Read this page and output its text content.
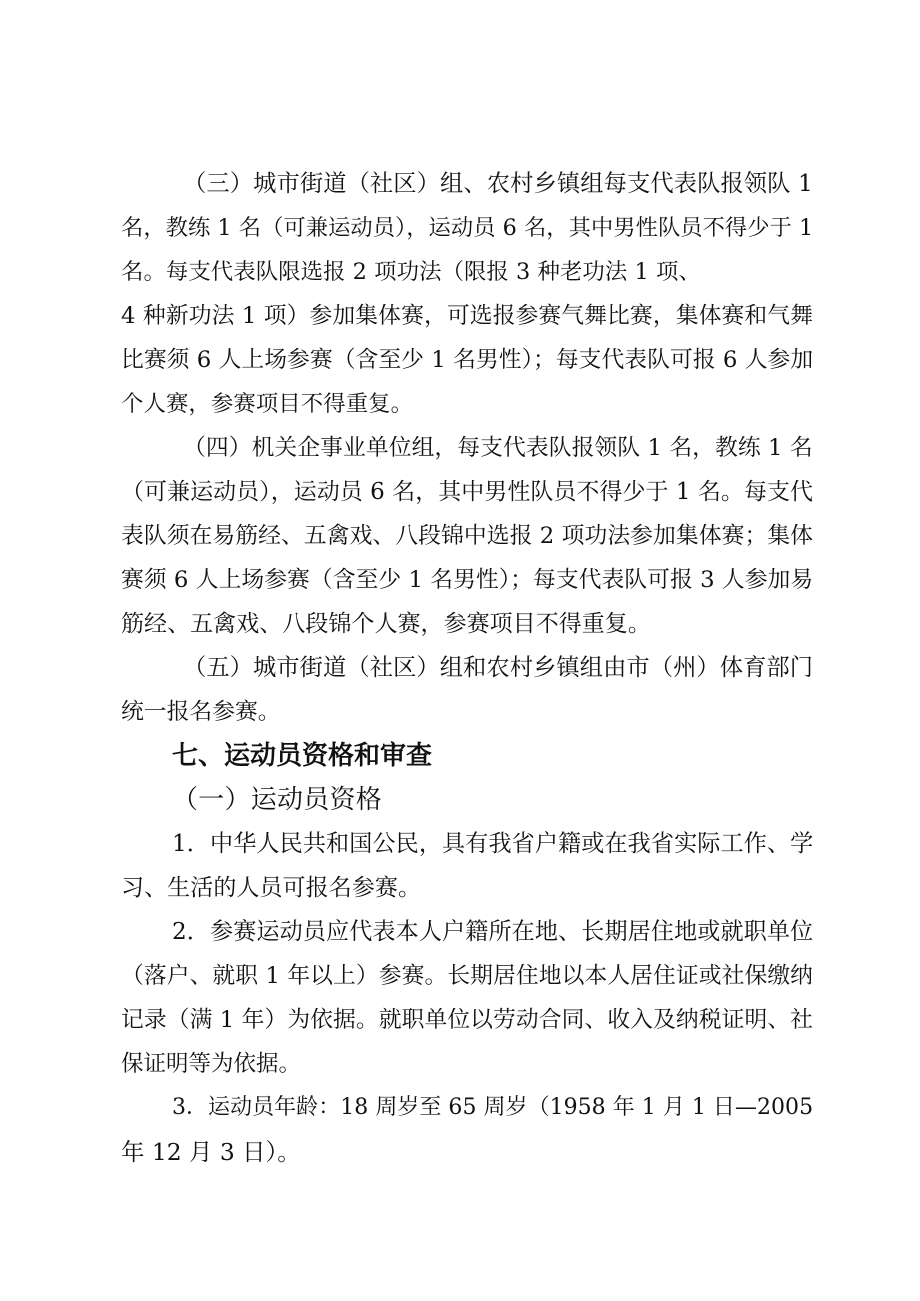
（三）城市街道（社区）组、农村乡镇组每支代表队报领队 1
名，教练 1 名（可兼运动员），运动员 6 名，其中男性队员不得少于 1
名。每支代表队限选报 2 项功法（限报 3 种老功法 1 项、
4 种新功法 1 项）参加集体赛，可选报参赛气舞比赛，集体赛和气舞
比赛须 6 人上场参赛（含至少 1 名男性）；每支代表队可报 6 人参加
个人赛，参赛项目不得重复。
（四）机关企事业单位组，每支代表队报领队 1 名，教练 1 名
（可兼运动员），运动员 6 名，其中男性队员不得少于 1 名。每支代
表队须在易筋经、五禽戏、八段锦中选报 2 项功法参加集体赛；集体
赛须 6 人上场参赛（含至少 1 名男性）；每支代表队可报 3 人参加易
筋经、五禽戏、八段锦个人赛，参赛项目不得重复。
（五）城市街道（社区）组和农村乡镇组由市（州）体育部门
统一报名参赛。
七、运动员资格和审查
（一）运动员资格
1．中华人民共和国公民，具有我省户籍或在我省实际工作、学
习、生活的人员可报名参赛。
2．参赛运动员应代表本人户籍所在地、长期居住地或就职单位
（落户、就职 1 年以上）参赛。长期居住地以本人居住证或社保缴纳
记录（满 1 年）为依据。就职单位以劳动合同、收入及纳税证明、社
保证明等为依据。
3．运动员年龄：18 周岁至 65 周岁（1958 年 1 月 1 日—2005
年 12 月 3 日）。
